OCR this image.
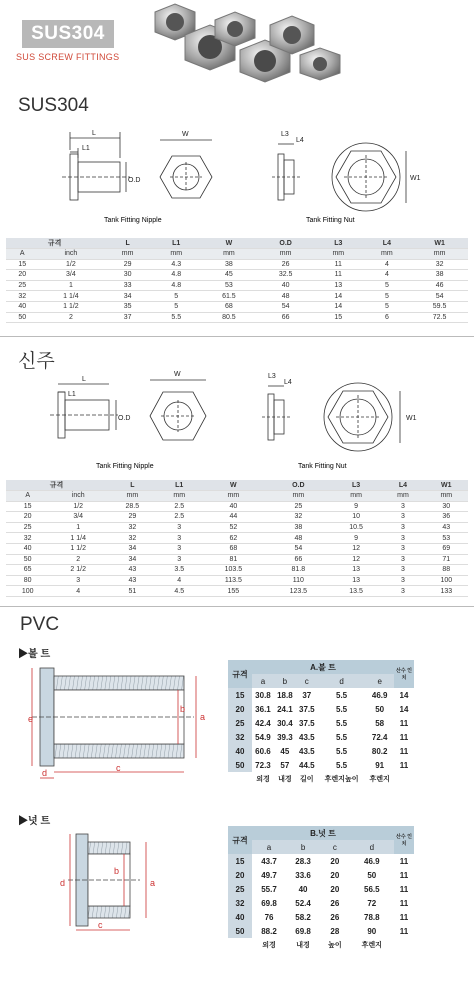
SUS304
SUS SCREW FITTINGS
SUS304
L
L1
O.D
W	L3
L4
W1
Tank Fitting Nipple	Tank Fitting Nut
규격		L	L1	W	O.D	L3	L4	W1
A	inch	mm	mm	mm	mm	mm	mm	mm
15	1/2	29	4.3	38	26	11	4	32
20	3/4	30	4.8	45	32.5	11	4	38
25	1	33	4.8	53	40	13	5	46
32	1 1/4	34	5	61.5	48	14	5	54
40	1 1/2	35	5	68	54	14	5	59.5
50	2	37	5.5	80.5	66	15	6	72.5
신주
L
L1
O.D
W	L3
L4
W1
Tank Fitting Nipple	Tank Fitting Nut
규격		L	L1	W	O.D	L3	L4	W1
A	inch	mm	mm	mm	mm	mm	mm	mm
15	1/2	28.5	2.5	40	25	9	3	30
20	3/4	29	2.5	44	32	10	3	36
25	1	32	3	52	38	10.5	3	43
32	1 1/4	32	3	62	48	9	3	53
40	1 1/2	34	3	68	54	12	3	69
50	2	34	3	81	66	12	3	71
65	2 1/2	43	3.5	103.5	81.8	13	3	88
80	3	43	4	113.5	110	13	3	100
100	4	51	4.5	155	123.5	13.5	3	133
PVC
▶볼 트
a
b
c
d
e
규격	A.볼 트					산수 인치
	a	b	c	d	e	
15	30.8	18.8	37	5.5	46.9	14
20	36.1	24.1	37.5	5.5	50	14
25	42.4	30.4	37.5	5.5	58	11
32	54.9	39.3	43.5	5.5	72.4	11
40	60.6	45	43.5	5.5	80.2	11
50	72.3	57	44.5	5.5	91	11
	외경	내경	길이	후렌지높이	후렌지	
▶넛 트
a
b
c
d
규격	B.넛 트				산수 인치
	a	b	c	d	
15	43.7	28.3	20	46.9	11
20	49.7	33.6	20	50	11
25	55.7	40	20	56.5	11
32	69.8	52.4	26	72	11
40	76	58.2	26	78.8	11
50	88.2	69.8	28	90	11
	외경	내경	높이	후렌지	
